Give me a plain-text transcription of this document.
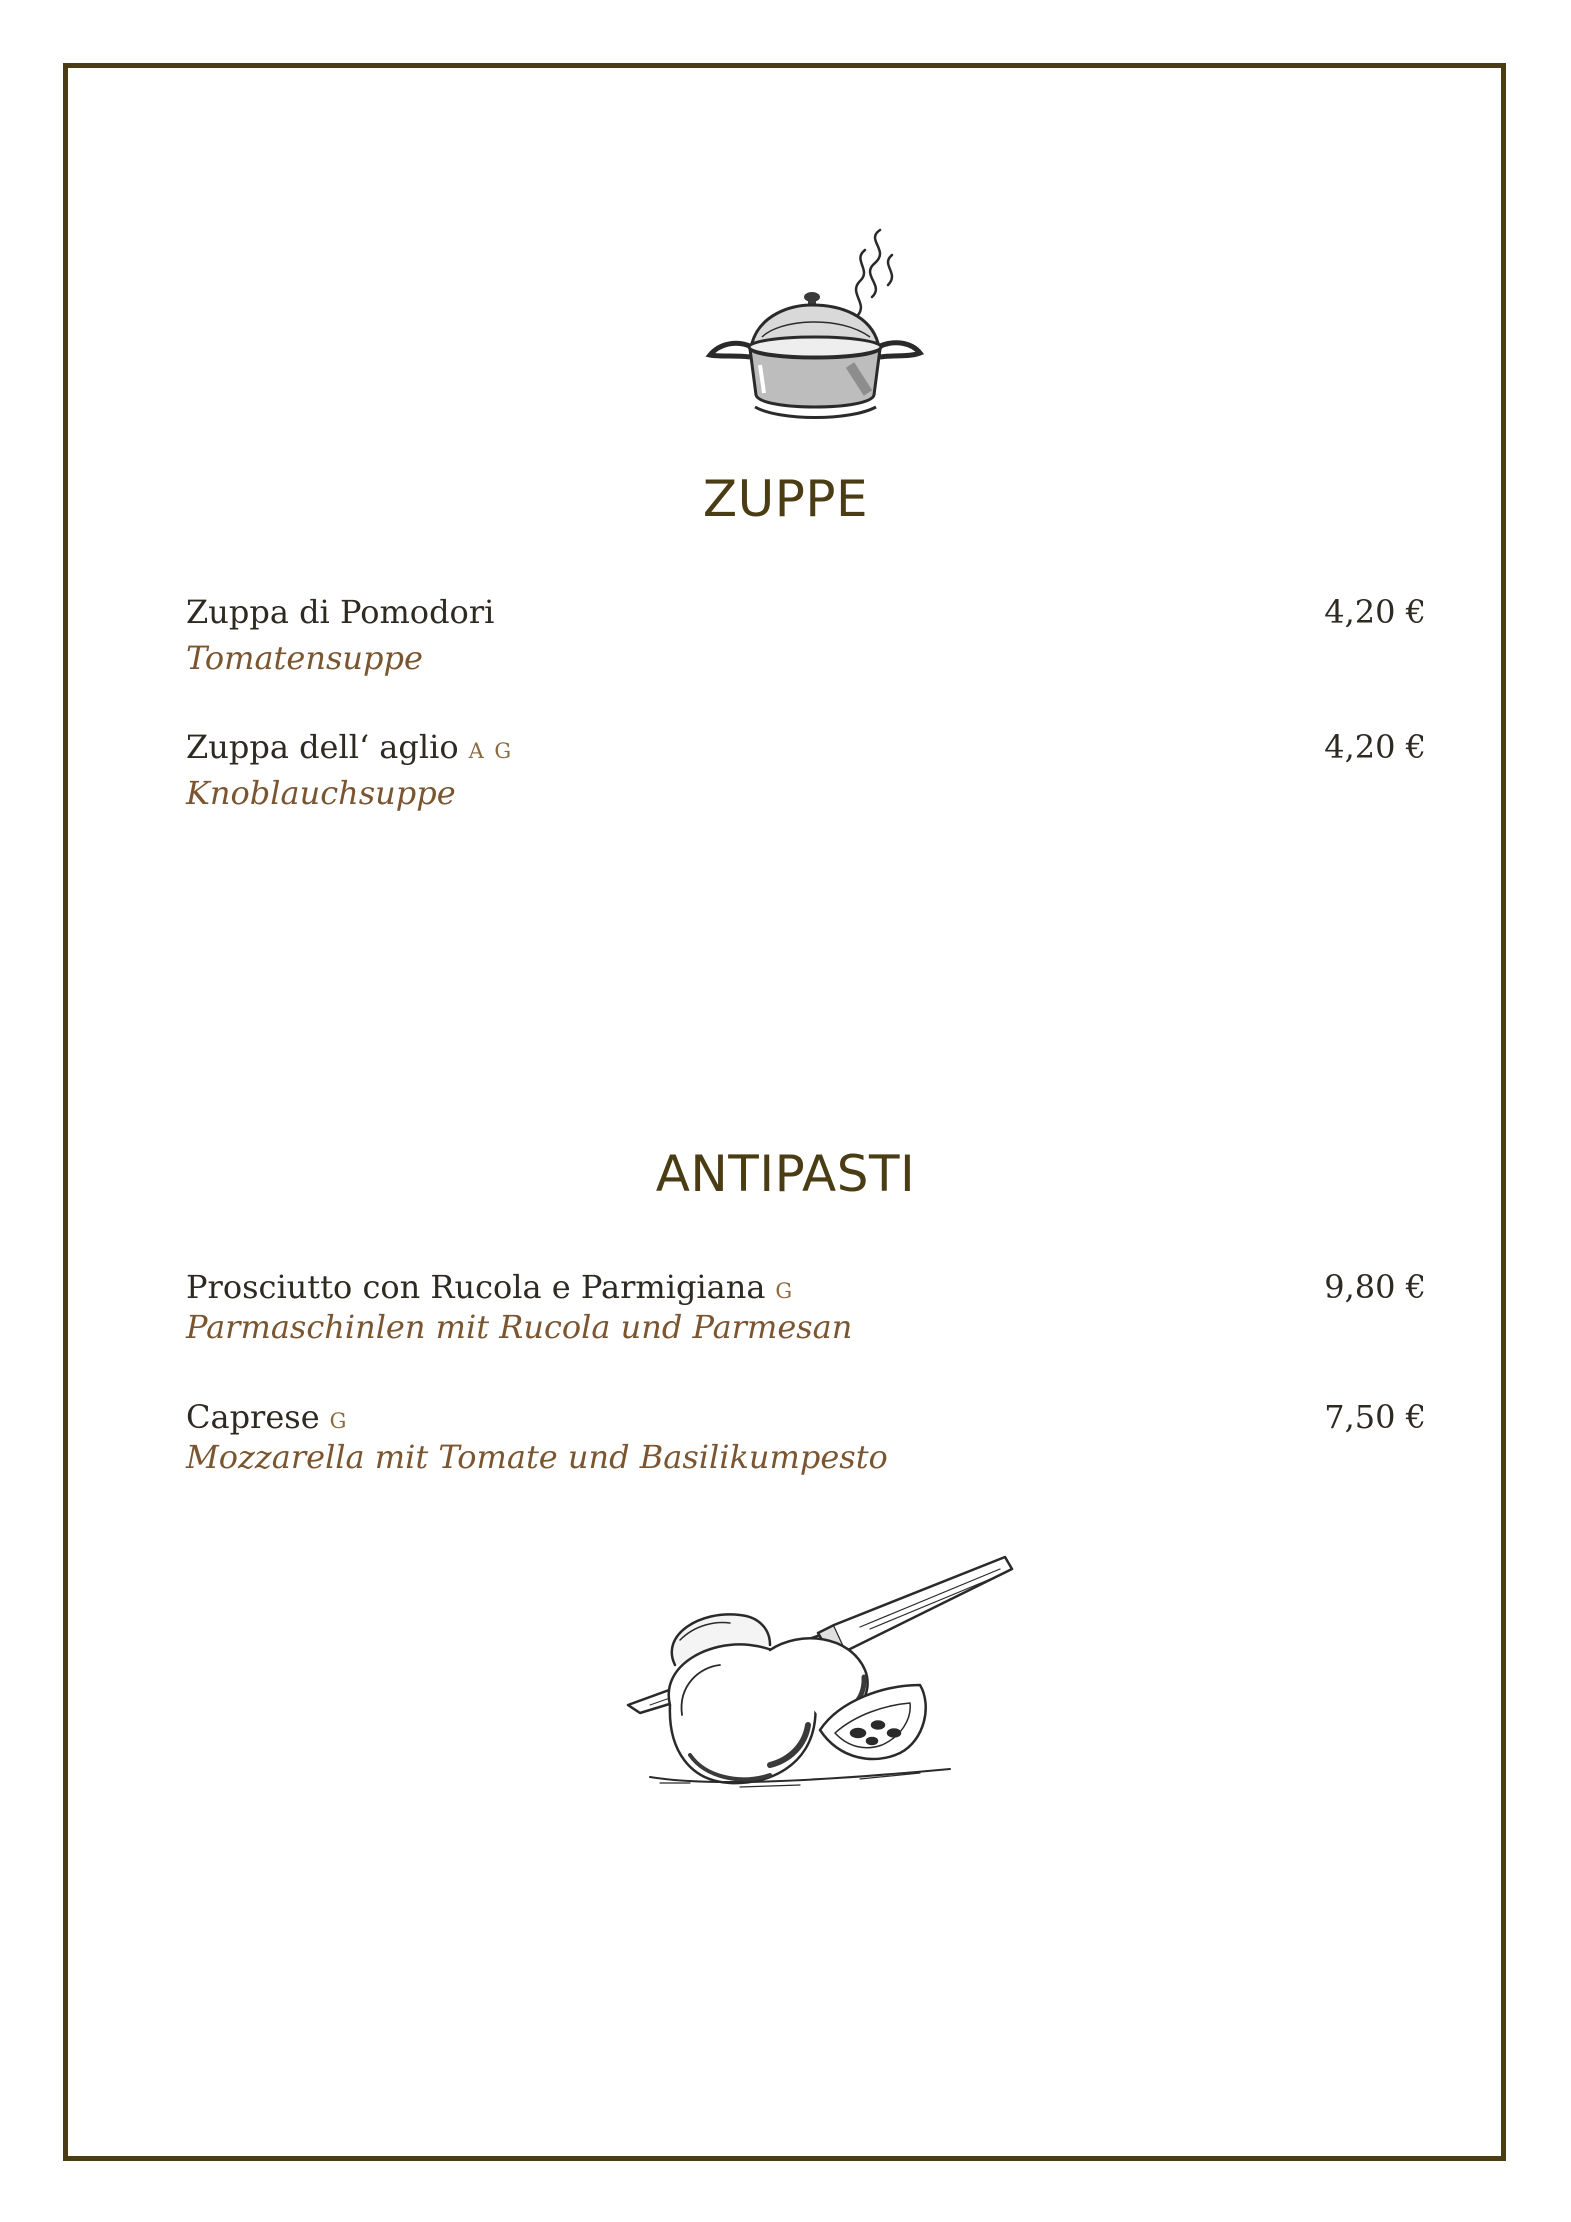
ZUPPE
Zuppa di Pomodori
Tomatensuppe
4,20 €
Zuppa dell‘ aglio A G
Knoblauchsuppe
4,20 €
ANTIPASTI
Prosciutto con Rucola e Parmigiana G
Parmaschinlen mit Rucola und Parmesan
9,80 €
Caprese G
Mozzarella mit Tomate und Basilikumpesto
7,50 €
